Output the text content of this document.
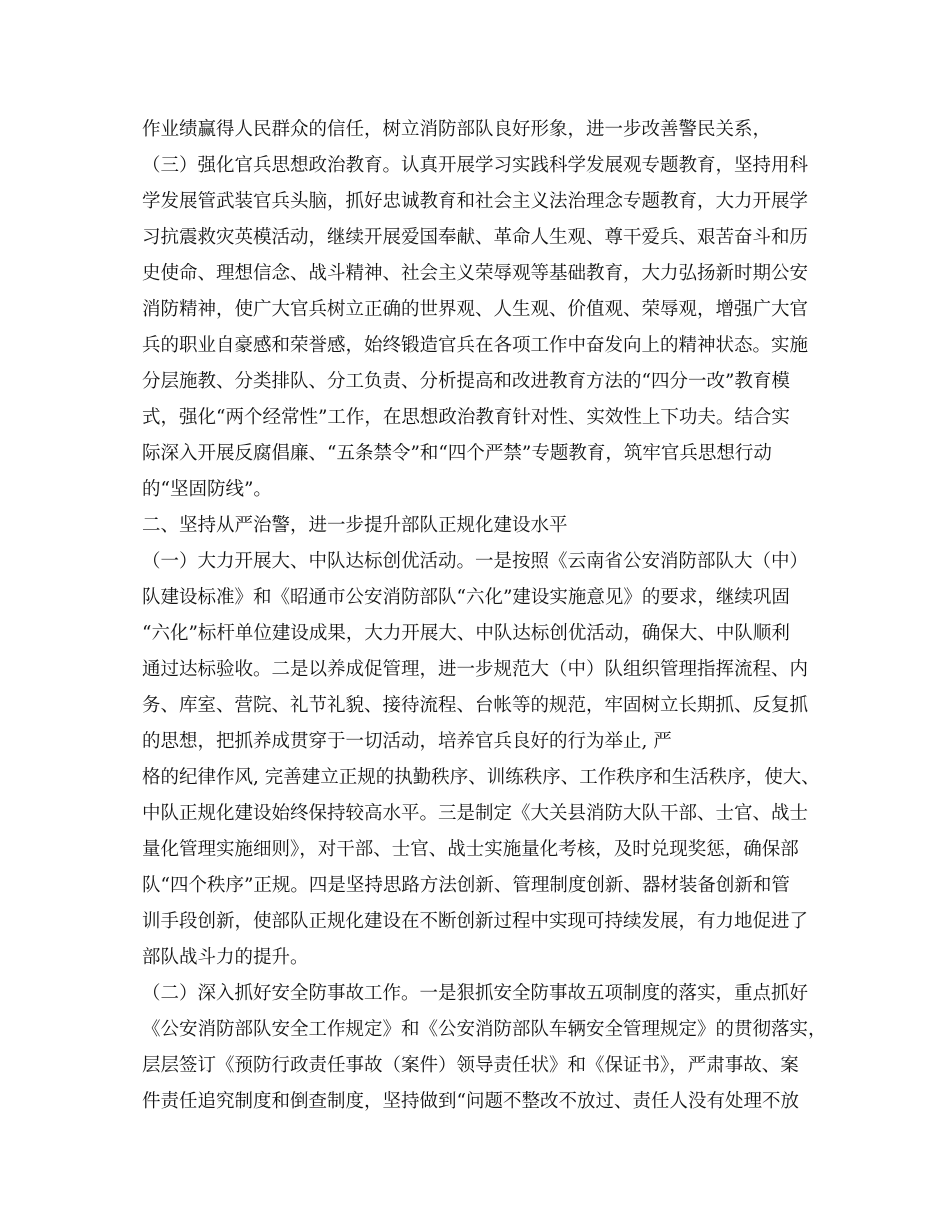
作业绩赢得人民群众的信任，树立消防部队良好形象，进一步改善警民关系，
（三）强化官兵思想政治教育。认真开展学习实践科学发展观专题教育，坚持用科
学发展管武装官兵头脑，抓好忠诚教育和社会主义法治理念专题教育，大力开展学
习抗震救灾英模活动，继续开展爱国奉献、革命人生观、尊干爱兵、艰苦奋斗和历
史使命、理想信念、战斗精神、社会主义荣辱观等基础教育，大力弘扬新时期公安
消防精神，使广大官兵树立正确的世界观、人生观、价值观、荣辱观，增强广大官
兵的职业自豪感和荣誉感，始终锻造官兵在各项工作中奋发向上的精神状态。实施
分层施教、分类排队、分工负责、分析提高和改进教育方法的“四分一改”教育模
式，强化“两个经常性”工作，在思想政治教育针对性、实效性上下功夫。结合实
际深入开展反腐倡廉、“五条禁令”和“四个严禁”专题教育，筑牢官兵思想行动
的“坚固防线”。
二、坚持从严治警，进一步提升部队正规化建设水平
（一）大力开展大、中队达标创优活动。一是按照《云南省公安消防部队大（中）
队建设标准》和《昭通市公安消防部队“六化”建设实施意见》的要求，继续巩固
“六化”标杆单位建设成果，大力开展大、中队达标创优活动，确保大、中队顺利
通过达标验收。二是以养成促管理，进一步规范大（中）队组织管理指挥流程、内
务、库室、营院、礼节礼貌、接待流程、台帐等的规范，牢固树立长期抓、反复抓
的思想，把抓养成贯穿于一切活动，培养官兵良好的行为举止, 严
格的纪律作风, 完善建立正规的执勤秩序、训练秩序、工作秩序和生活秩序，使大、
中队正规化建设始终保持较高水平。三是制定《大关县消防大队干部、士官、战士
量化管理实施细则》，对干部、士官、战士实施量化考核，及时兑现奖惩，确保部
队“四个秩序”正规。四是坚持思路方法创新、管理制度创新、器材装备创新和管
训手段创新，使部队正规化建设在不断创新过程中实现可持续发展，有力地促进了
部队战斗力的提升。
（二）深入抓好安全防事故工作。一是狠抓安全防事故五项制度的落实，重点抓好
《公安消防部队安全工作规定》和《公安消防部队车辆安全管理规定》的贯彻落实，
层层签订《预防行政责任事故（案件）领导责任状》和《保证书》，严肃事故、案
件责任追究制度和倒查制度，坚持做到“问题不整改不放过、责任人没有处理不放
